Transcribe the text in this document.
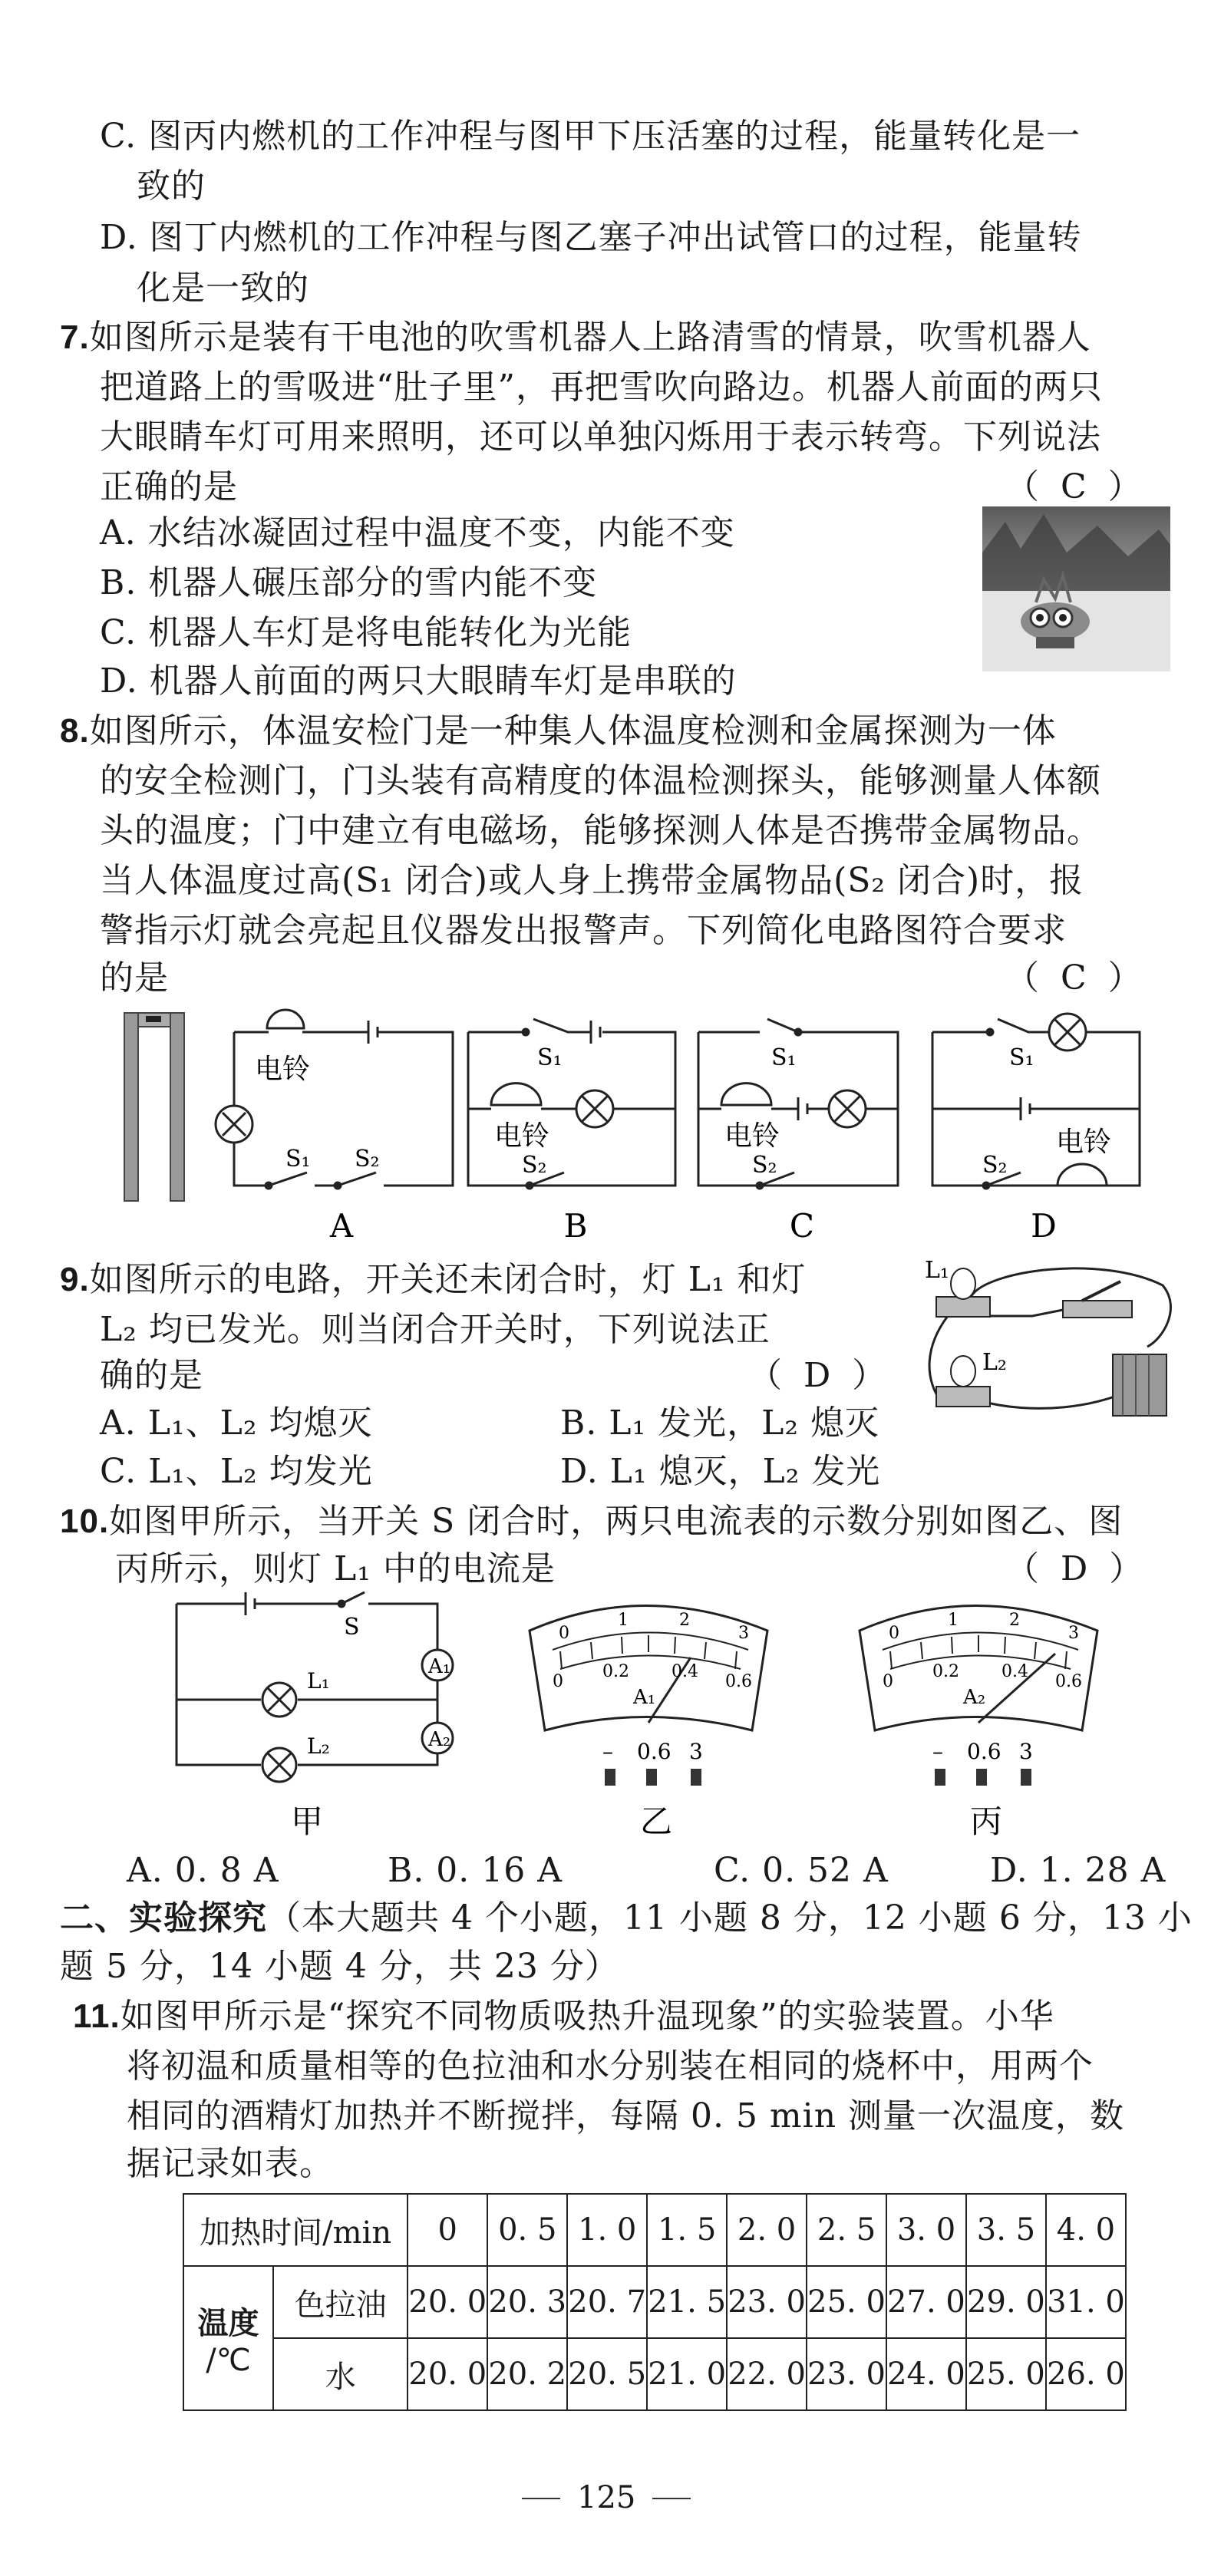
C. 图丙内燃机的工作冲程与图甲下压活塞的过程，能量转化是一
致的
D. 图丁内燃机的工作冲程与图乙塞子冲出试管口的过程，能量转
化是一致的
7.如图所示是装有干电池的吹雪机器人上路清雪的情景，吹雪机器人
把道路上的雪吸进“肚子里”，再把雪吹向路边。机器人前面的两只
大眼睛车灯可用来照明，还可以单独闪烁用于表示转弯。下列说法
正确的是	（  C  ）
A. 水结冰凝固过程中温度不变，内能不变
B. 机器人碾压部分的雪内能不变
C. 机器人车灯是将电能转化为光能
D. 机器人前面的两只大眼睛车灯是串联的
8.如图所示，体温安检门是一种集人体温度检测和金属探测为一体
的安全检测门，门头装有高精度的体温检测探头，能够测量人体额
头的温度；门中建立有电磁场，能够探测人体是否携带金属物品。
当人体温度过高(S₁ 闭合)或人身上携带金属物品(S₂ 闭合)时，报
警指示灯就会亮起且仪器发出报警声。下列简化电路图符合要求
的是	（  C  ）
电铃
S₁ S₂
A
S₁
电铃
S₂
B
S₁
电铃
S₂
C
S₁
电铃
S₂
D
9.如图所示的电路，开关还未闭合时，灯 L₁ 和灯
L₂ 均已发光。则当闭合开关时，下列说法正
确的是	（  D  ）
A. L₁、L₂ 均熄灭	B. L₁ 发光，L₂ 熄灭
C. L₁、L₂ 均发光	D. L₁ 熄灭，L₂ 发光
L₁
L₂
10.如图甲所示，当开关 S 闭合时，两只电流表的示数分别如图乙、图
丙所示，则灯 L₁ 中的电流是	（  D  ）
S
L₁
L₂
A₁
A₂
甲
0
1	2
3
0
0.2	0.4
0.6
A₁
– 0.6 3
乙
0
1	2
3
0
0.2	0.4
0.6
A₂
– 0.6 3
丙
A. 0. 8 A	B. 0. 16 A	C. 0. 52 A	D. 1. 28 A
二、实验探究（本大题共 4 个小题，11 小题 8 分，12 小题 6 分，13 小
题 5 分，14 小题 4 分，共 23 分）
11.如图甲所示是“探究不同物质吸热升温现象”的实验装置。小华
将初温和质量相等的色拉油和水分别装在相同的烧杯中，用两个
相同的酒精灯加热并不断搅拌，每隔 0. 5 min 测量一次温度，数
据记录如表。
加热时间/min		0	0. 5	1. 0	1. 5	2. 0	2. 5	3. 0	3. 5	4. 0

温度
/℃	色拉油	20. 0	20. 3	20. 7	21. 5	23. 0	25. 0	27. 0	29. 0	31. 0
	水	20. 0	20. 2	20. 5	21. 0	22. 0	23. 0	24. 0	25. 0	26. 0
125
